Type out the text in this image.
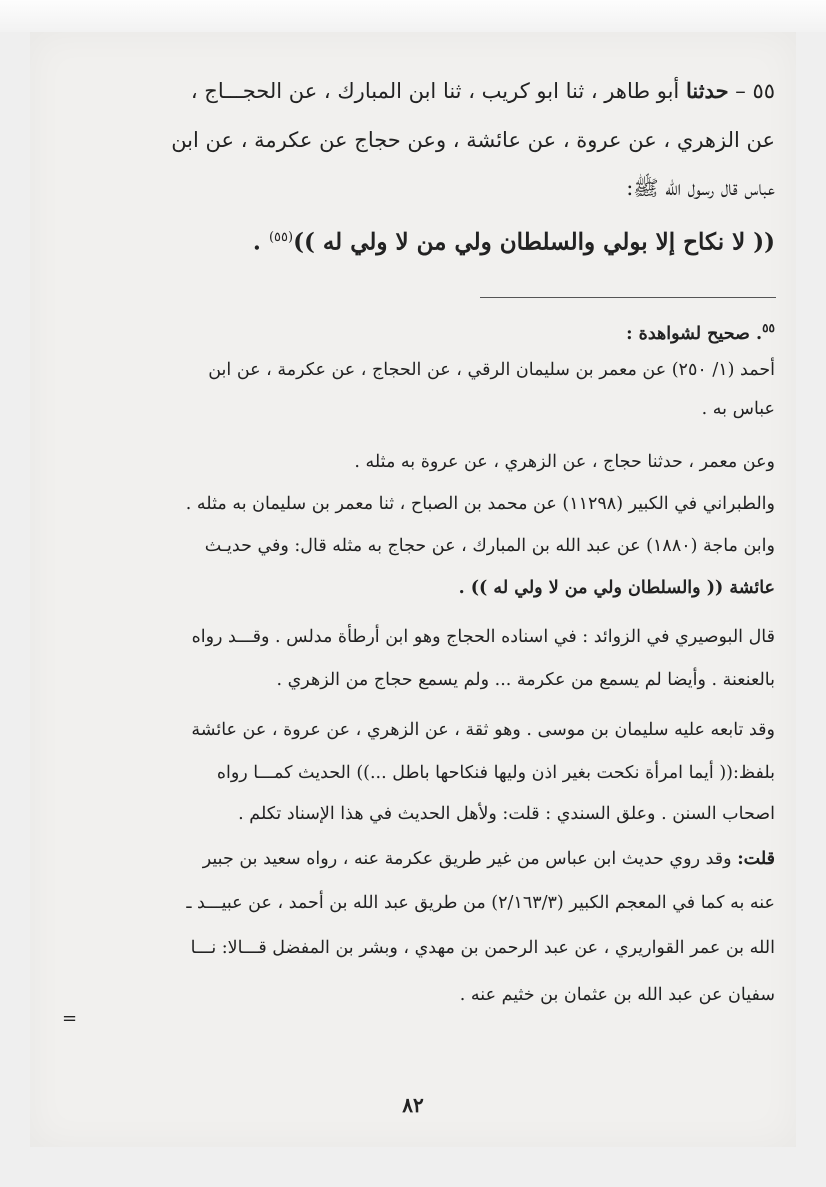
٥٥ – حدثنا أبو طاهر ، ثنا ابو كريب ، ثنا ابن المبارك ، عن الحجـــاج ،
عن الزهري ، عن عروة ، عن عائشة ، وعن حجاج عن عكرمة ، عن ابن
عباس قال رسول الله ﷺ:
(( لا نكاح إلا بولي والسلطان ولي من لا ولي له ))$^{(٥٥)}$ .
$^{٥٥}$. صحيح لشواهدة :
أحمد (١/ ٢٥٠) عن معمر بن سليمان الرقي ، عن الحجاج ، عن عكرمة ، عن ابن
عباس به .
وعن معمر ، حدثنا حجاج ، عن الزهري ، عن عروة به مثله .
والطبراني في الكبير (١١٢٩٨) عن محمد بن الصباح ، ثنا معمر بن سليمان به مثله .
وابن ماجة (١٨٨٠) عن عبد الله بن المبارك ، عن حجاج به مثله قال: وفي حديـث
عائشة (( والسلطان ولي من لا ولي له )) .
قال البوصيري في الزوائد : في اسناده الحجاج وهو ابن أرطأة مدلس . وقـــد رواه
بالعنعنة . وأيضا لم يسمع من عكرمة ... ولم يسمع حجاج من الزهري .
وقد تابعه عليه سليمان بن موسى . وهو ثقة ، عن الزهري ، عن عروة ، عن عائشة
بلفظ:(( أيما امرأة نكحت بغير اذن وليها فنكاحها باطل ...)) الحديث كمـــا رواه
اصحاب السنن . وعلق السندي : قلت: ولأهل الحديث في هذا الإسناد تكلم .
قلت: وقد روي حديث ابن عباس من غير طريق عكرمة عنه ، رواه سعيد بن جبير
عنه به كما في المعجم الكبير (٢/١٦٣/٣) من طريق عبد الله بن أحمد ، عن عبيـــد ـ
الله بن عمر القواريري ، عن عبد الرحمن بن مهدي ، وبشر بن المفضل قـــالا: نـــا
سفيان عن عبد الله بن عثمان بن خثيم عنه .
=
٨٢
